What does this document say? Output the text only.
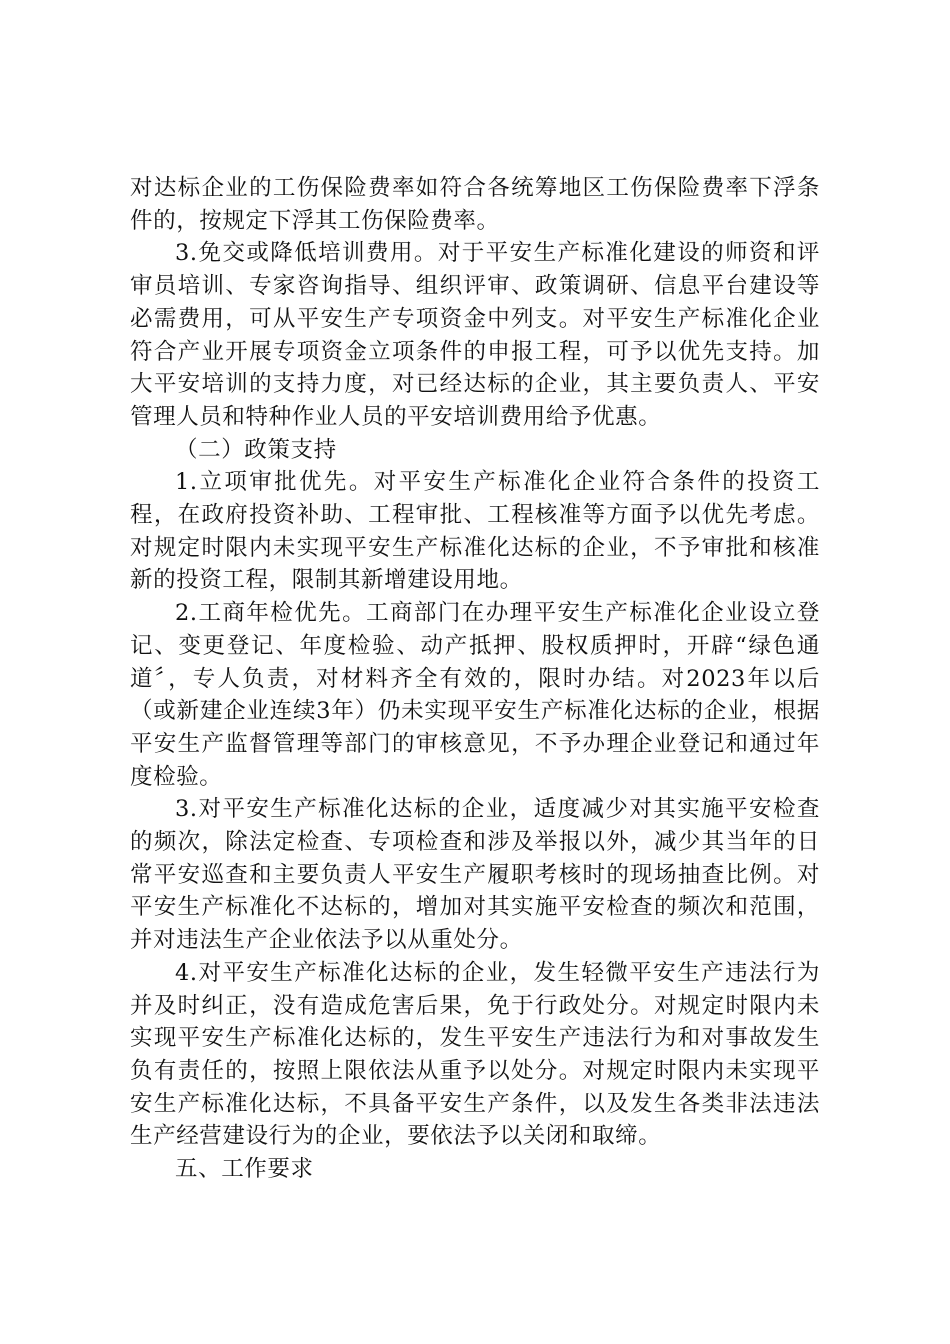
对达标企业的工伤保险费率如符合各统筹地区工伤保险费率下浮条件的，按规定下浮其工伤保险费率。

3.免交或降低培训费用。对于平安生产标准化建设的师资和评审员培训、专家咨询指导、组织评审、政策调研、信息平台建设等必需费用，可从平安生产专项资金中列支。对平安生产标准化企业符合产业开展专项资金立项条件的申报工程，可予以优先支持。加大平安培训的支持力度，对已经达标的企业，其主要负责人、平安管理人员和特种作业人员的平安培训费用给予优惠。

（二）政策支持

1.立项审批优先。对平安生产标准化企业符合条件的投资工程，在政府投资补助、工程审批、工程核准等方面予以优先考虑。对规定时限内未实现平安生产标准化达标的企业，不予审批和核准新的投资工程，限制其新增建设用地。

2.工商年检优先。工商部门在办理平安生产标准化企业设立登记、变更登记、年度检验、动产抵押、股权质押时，开辟“绿色通道〞，专人负责，对材料齐全有效的，限时办结。对2023年以后（或新建企业连续3年）仍未实现平安生产标准化达标的企业，根据平安生产监督管理等部门的审核意见，不予办理企业登记和通过年度检验。

3.对平安生产标准化达标的企业，适度减少对其实施平安检查的频次，除法定检查、专项检查和涉及举报以外，减少其当年的日常平安巡查和主要负责人平安生产履职考核时的现场抽查比例。对平安生产标准化不达标的，增加对其实施平安检查的频次和范围，并对违法生产企业依法予以从重处分。

4.对平安生产标准化达标的企业，发生轻微平安生产违法行为并及时纠正，没有造成危害后果，免于行政处分。对规定时限内未实现平安生产标准化达标的，发生平安生产违法行为和对事故发生负有责任的，按照上限依法从重予以处分。对规定时限内未实现平安生产标准化达标，不具备平安生产条件，以及发生各类非法违法生产经营建设行为的企业，要依法予以关闭和取缔。

五、工作要求
